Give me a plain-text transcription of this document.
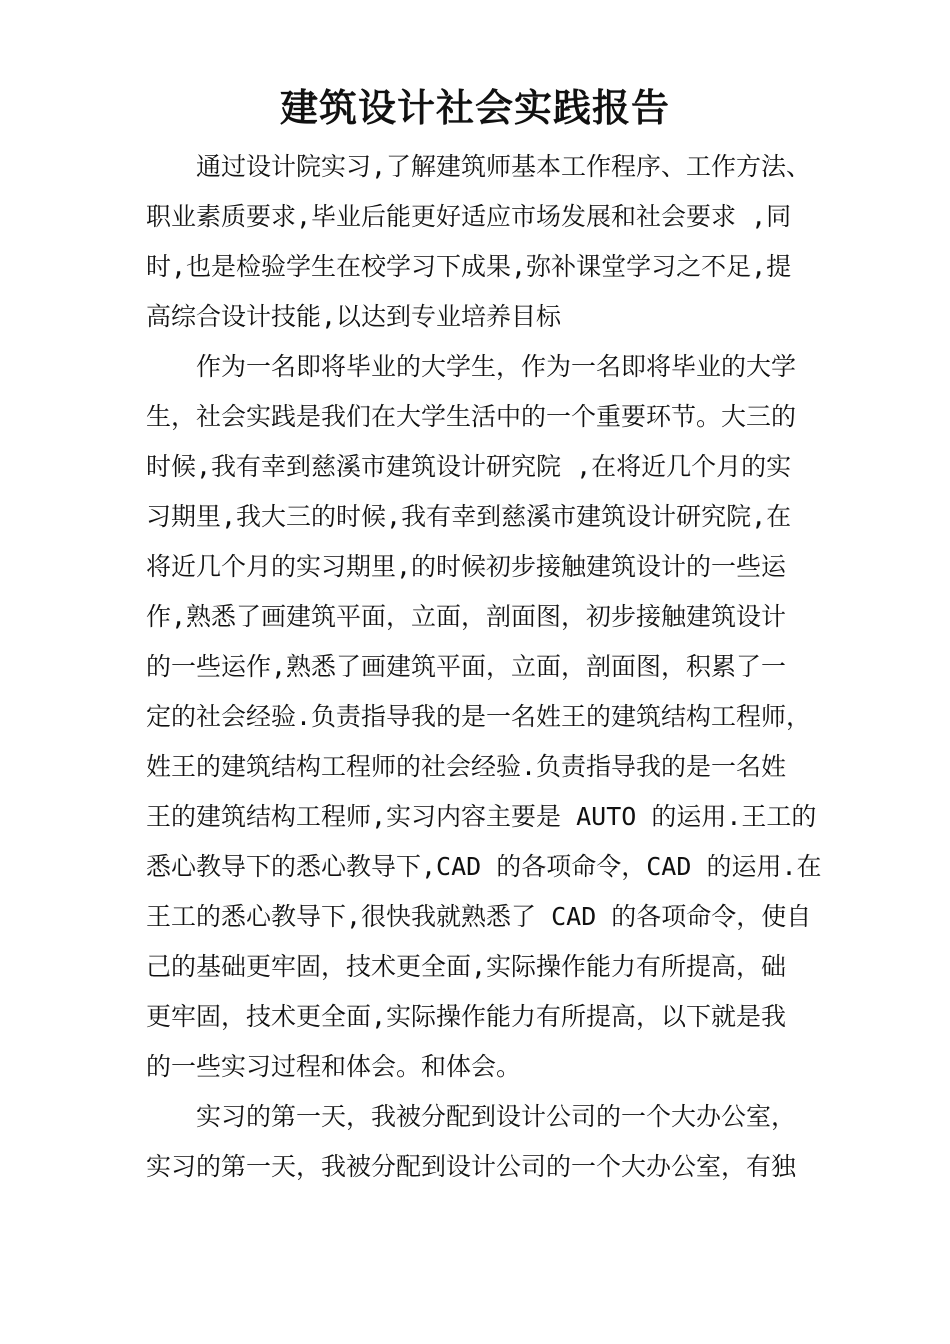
建筑设计社会实践报告
通过设计院实习,了解建筑师基本工作程序、工作方法、
职业素质要求,毕业后能更好适应市场发展和社会要求 ,同
时,也是检验学生在校学习下成果,弥补课堂学习之不足,提
高综合设计技能,以达到专业培养目标
作为一名即将毕业的大学生，作为一名即将毕业的大学
生，社会实践是我们在大学生活中的一个重要环节。大三的
时候,我有幸到慈溪市建筑设计研究院 ,在将近几个月的实
习期里,我大三的时候,我有幸到慈溪市建筑设计研究院,在
将近几个月的实习期里,的时候初步接触建筑设计的一些运
作,熟悉了画建筑平面，立面，剖面图，初步接触建筑设计
的一些运作,熟悉了画建筑平面，立面，剖面图，积累了一
定的社会经验.负责指导我的是一名姓王的建筑结构工程师，
姓王的建筑结构工程师的社会经验.负责指导我的是一名姓
王的建筑结构工程师,实习内容主要是 AUTO 的运用.王工的
悉心教导下的悉心教导下,CAD 的各项命令，CAD 的运用.在
王工的悉心教导下,很快我就熟悉了 CAD 的各项命令，使自
己的基础更牢固，技术更全面,实际操作能力有所提高，础
更牢固，技术更全面,实际操作能力有所提高，以下就是我
的一些实习过程和体会。和体会。
实习的第一天，我被分配到设计公司的一个大办公室，
实习的第一天，我被分配到设计公司的一个大办公室，有独
